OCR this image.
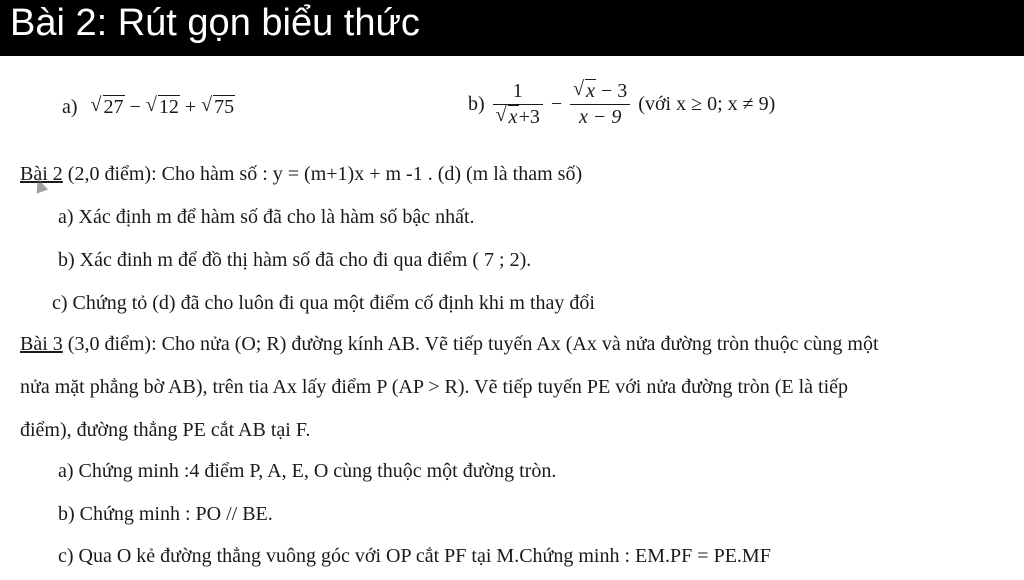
Bài 2: Rút gọn biểu thức
a) √ 27 − √ 12 + √ 75	b) 1
√ x+3 − √ $\frac{x - 3}{x - 9}$ (với x ≥ 0; x ≠ 9)
Bài 2 (2,0 điểm): Cho hàm số : y = (m+1)x + m -1 . (d) (m là tham số)
a) Xác định m để hàm số đã cho là hàm số bậc nhất.
b) Xác đinh m để đồ thị hàm số đã cho đi qua điểm ( 7 ; 2).
c) Chứng tỏ (d) đã cho luôn đi qua một điểm cố định khi m thay đổi
Bài 3 (3,0 điểm): Cho nửa (O; R) đường kính AB. Vẽ tiếp tuyến Ax (Ax và nửa đường tròn thuộc cùng một
nửa mặt phẳng bờ AB), trên tia Ax lấy điểm P (AP > R). Vẽ tiếp tuyến PE với nửa đường tròn (E là tiếp
điểm), đường thẳng PE cắt AB tại F.
a) Chứng minh :4 điểm P, A, E, O cùng thuộc một đường tròn.
b) Chứng minh : PO // BE.
c) Qua O kẻ đường thẳng vuông góc với OP cắt PF tại M.Chứng minh : EM.PF = PE.MF
